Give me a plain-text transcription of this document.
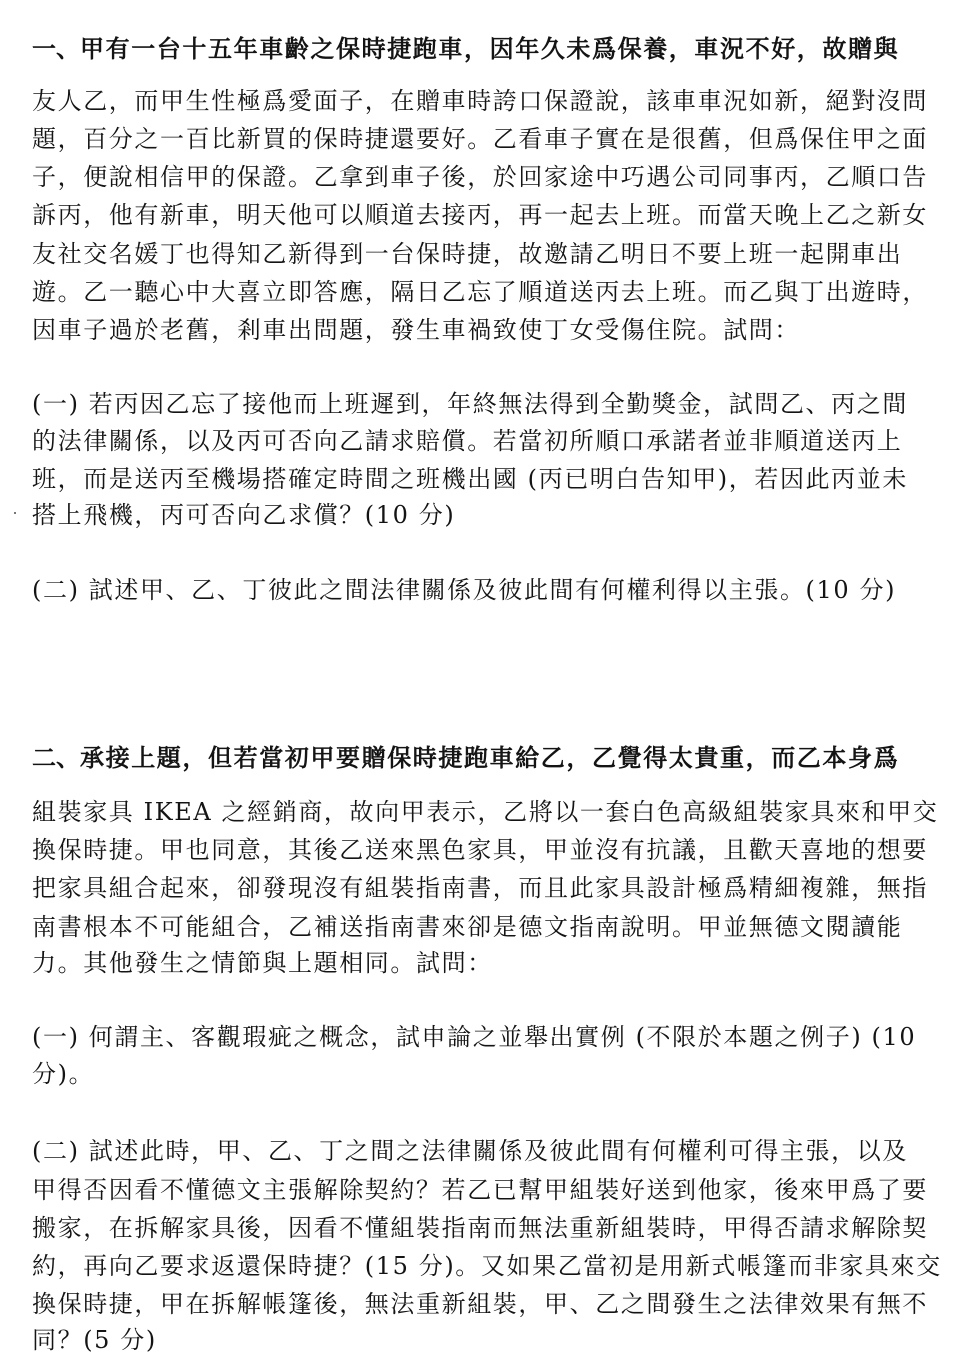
一、甲有一台十五年車齡之保時捷跑車，因年久未爲保養，車況不好，故贈與
友人乙，而甲生性極爲愛面子，在贈車時誇口保證說，該車車況如新，絕對沒問
題，百分之一百比新買的保時捷還要好。乙看車子實在是很舊，但爲保住甲之面
子，便說相信甲的保證。乙拿到車子後，於回家途中巧遇公司同事丙，乙順口告
訴丙，他有新車，明天他可以順道去接丙，再一起去上班。而當天晚上乙之新女
友社交名媛丁也得知乙新得到一台保時捷，故邀請乙明日不要上班一起開車出
遊。乙一聽心中大喜立即答應，隔日乙忘了順道送丙去上班。而乙與丁出遊時，
因車子過於老舊，剎車出問題，發生車禍致使丁女受傷住院。試問：
(一) 若丙因乙忘了接他而上班遲到，年終無法得到全勤獎金，試問乙、丙之間
的法律關係，以及丙可否向乙請求賠償。若當初所順口承諾者並非順道送丙上
班，而是送丙至機場搭確定時間之班機出國 (丙已明白告知甲)，若因此丙並未
搭上飛機，丙可否向乙求償？(10 分)
(二) 試述甲、乙、丁彼此之間法律關係及彼此間有何權利得以主張。(10 分)
二、承接上題，但若當初甲要贈保時捷跑車給乙，乙覺得太貴重，而乙本身爲
組裝家具 IKEA 之經銷商，故向甲表示，乙將以一套白色高級組裝家具來和甲交
換保時捷。甲也同意，其後乙送來黑色家具，甲並沒有抗議，且歡天喜地的想要
把家具組合起來，卻發現沒有組裝指南書，而且此家具設計極爲精細複雜，無指
南書根本不可能組合，乙補送指南書來卻是德文指南說明。甲並無德文閱讀能
力。其他發生之情節與上題相同。試問：
(一) 何謂主、客觀瑕疵之概念，試申論之並舉出實例 (不限於本題之例子) (10
分)。
(二) 試述此時，甲、乙、丁之間之法律關係及彼此間有何權利可得主張，以及
甲得否因看不懂德文主張解除契約？若乙已幫甲組裝好送到他家，後來甲爲了要
搬家，在拆解家具後，因看不懂組裝指南而無法重新組裝時，甲得否請求解除契
約，再向乙要求返還保時捷？(15 分)。又如果乙當初是用新式帳篷而非家具來交
換保時捷，甲在拆解帳篷後，無法重新組裝，甲、乙之間發生之法律效果有無不
同？(5 分)
